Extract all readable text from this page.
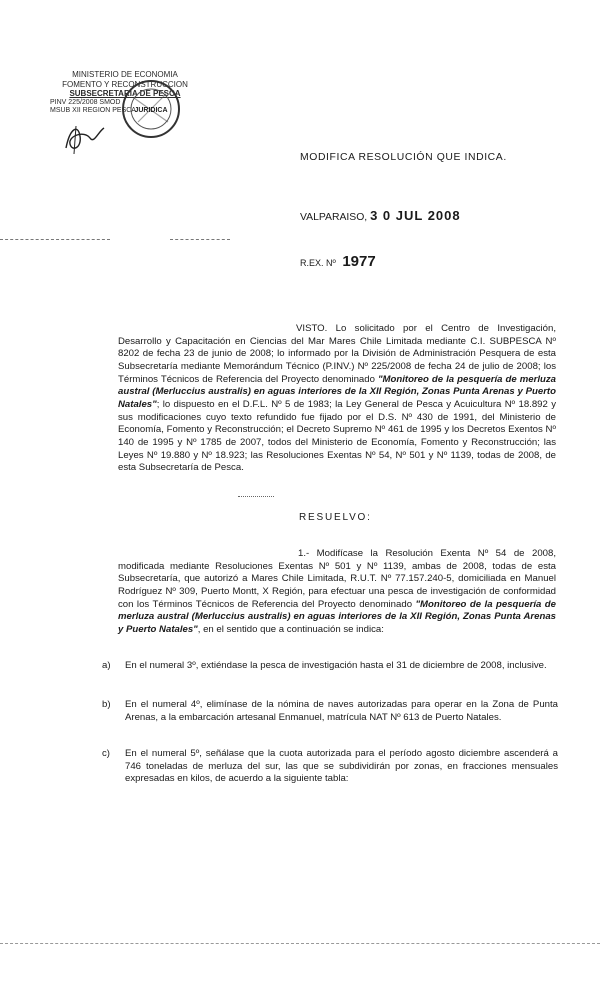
MINISTERIO DE ECONOMIA
FOMENTO Y RECONSTRUCCION
SUBSECRETARIA DE PESCA
PINV 225/2008 SMOD
MSUB XII REGION PESCA
JURIDICA
MODIFICA RESOLUCIÓN QUE INDICA.
VALPARAISO, 3 0 JUL 2008
R.EX. Nº 1977
VISTO. Lo solicitado por el Centro de Investigación, Desarrollo y Capacitación en Ciencias del Mar Mares Chile Limitada mediante C.I. SUBPESCA Nº 8202 de fecha 23 de junio de 2008; lo informado por la División de Administración Pesquera de esta Subsecretaría mediante Memorándum Técnico (P.INV.) Nº 225/2008 de fecha 24 de julio de 2008; los Términos Técnicos de Referencia del Proyecto denominado "Monitoreo de la pesquería de merluza austral (Merluccius australis) en aguas interiores de la XII Región, Zonas Punta Arenas y Puerto Natales"; lo dispuesto en el D.F.L. Nº 5 de 1983; la Ley General de Pesca y Acuicultura Nº 18.892 y sus modificaciones cuyo texto refundido fue fijado por el D.S. Nº 430 de 1991, del Ministerio de Economía, Fomento y Reconstrucción; el Decreto Supremo Nº 461 de 1995 y los Decretos Exentos Nº 140 de 1995 y Nº 1785 de 2007, todos del Ministerio de Economía, Fomento y Reconstrucción; las Leyes Nº 19.880 y Nº 18.923; las Resoluciones Exentas Nº 54, Nº 501 y Nº 1139, todas de 2008, de esta Subsecretaría de Pesca.
RESUELVO:
1.- Modifícase la Resolución Exenta Nº 54 de 2008, modificada mediante Resoluciones Exentas Nº 501 y Nº 1139, ambas de 2008, todas de esta Subsecretaría, que autorizó a Mares Chile Limitada, R.U.T. Nº 77.157.240-5, domiciliada en Manuel Rodríguez Nº 309, Puerto Montt, X Región, para efectuar una pesca de investigación de conformidad con los Términos Técnicos de Referencia del Proyecto denominado "Monitoreo de la pesquería de merluza austral (Merluccius australis) en aguas interiores de la XII Región, Zonas Punta Arenas y Puerto Natales", en el sentido que a continuación se indica:
a)	En el numeral 3º, extiéndase la pesca de investigación hasta el 31 de diciembre de 2008, inclusive.
b)	En el numeral 4º, elimínase de la nómina de naves autorizadas para operar en la Zona de Punta Arenas, a la embarcación artesanal Enmanuel, matrícula NAT Nº 613 de Puerto Natales.
c)	En el numeral 5º, señálase que la cuota autorizada para el período agosto diciembre ascenderá a 746 toneladas de merluza del sur, las que se subdividirán por zonas, en fracciones mensuales expresadas en kilos, de acuerdo a la siguiente tabla:
